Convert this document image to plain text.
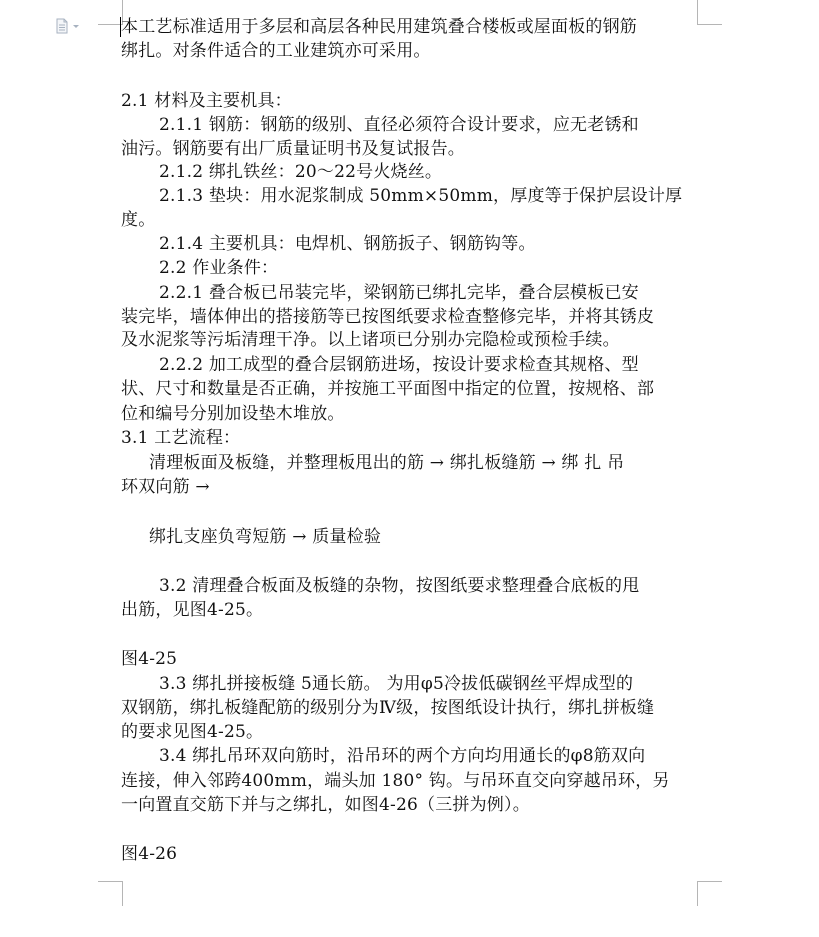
本工艺标准适用于多层和高层各种民用建筑叠合楼板或屋面板的钢筋
绑扎。对条件适合的工业建筑亦可采用。
2.1 材料及主要机具：
2.1.1 钢筋：钢筋的级别、直径必须符合设计要求，应无老锈和
油污。钢筋要有出厂质量证明书及复试报告。
2.1.2 绑扎铁丝：20～22号火烧丝。
2.1.3 垫块：用水泥浆制成 50mm×50mm，厚度等于保护层设计厚
度。
2.1.4 主要机具：电焊机、钢筋扳子、钢筋钩等。
2.2 作业条件：
2.2.1 叠合板已吊装完毕，梁钢筋已绑扎完毕，叠合层模板已安
装完毕，墙体伸出的搭接筋等已按图纸要求检查整修完毕，并将其锈皮
及水泥浆等污垢清理干净。以上诸项已分别办完隐检或预检手续。
2.2.2 加工成型的叠合层钢筋进场，按设计要求检查其规格、型
状、尺寸和数量是否正确，并按施工平面图中指定的位置，按规格、部
位和编号分别加设垫木堆放。
3.1 工艺流程：
清理板面及板缝，并整理板甩出的筋 → 绑扎板缝筋 → 绑 扎 吊
环双向筋 →
绑扎支座负弯短筋 → 质量检验
3.2 清理叠合板面及板缝的杂物，按图纸要求整理叠合底板的甩
出筋，见图4-25。
图4-25
3.3 绑扎拼接板缝 5通长筋。 为用φ5冷拔低碳钢丝平焊成型的
双钢筋，绑扎板缝配筋的级别分为Ⅳ级，按图纸设计执行，绑扎拼板缝
的要求见图4-25。
3.4 绑扎吊环双向筋时，沿吊环的两个方向均用通长的φ8筋双向
连接，伸入邻跨400mm，端头加 180° 钩。与吊环直交向穿越吊环，另
一向置直交筋下并与之绑扎，如图4-26（三拼为例）。
图4-26
